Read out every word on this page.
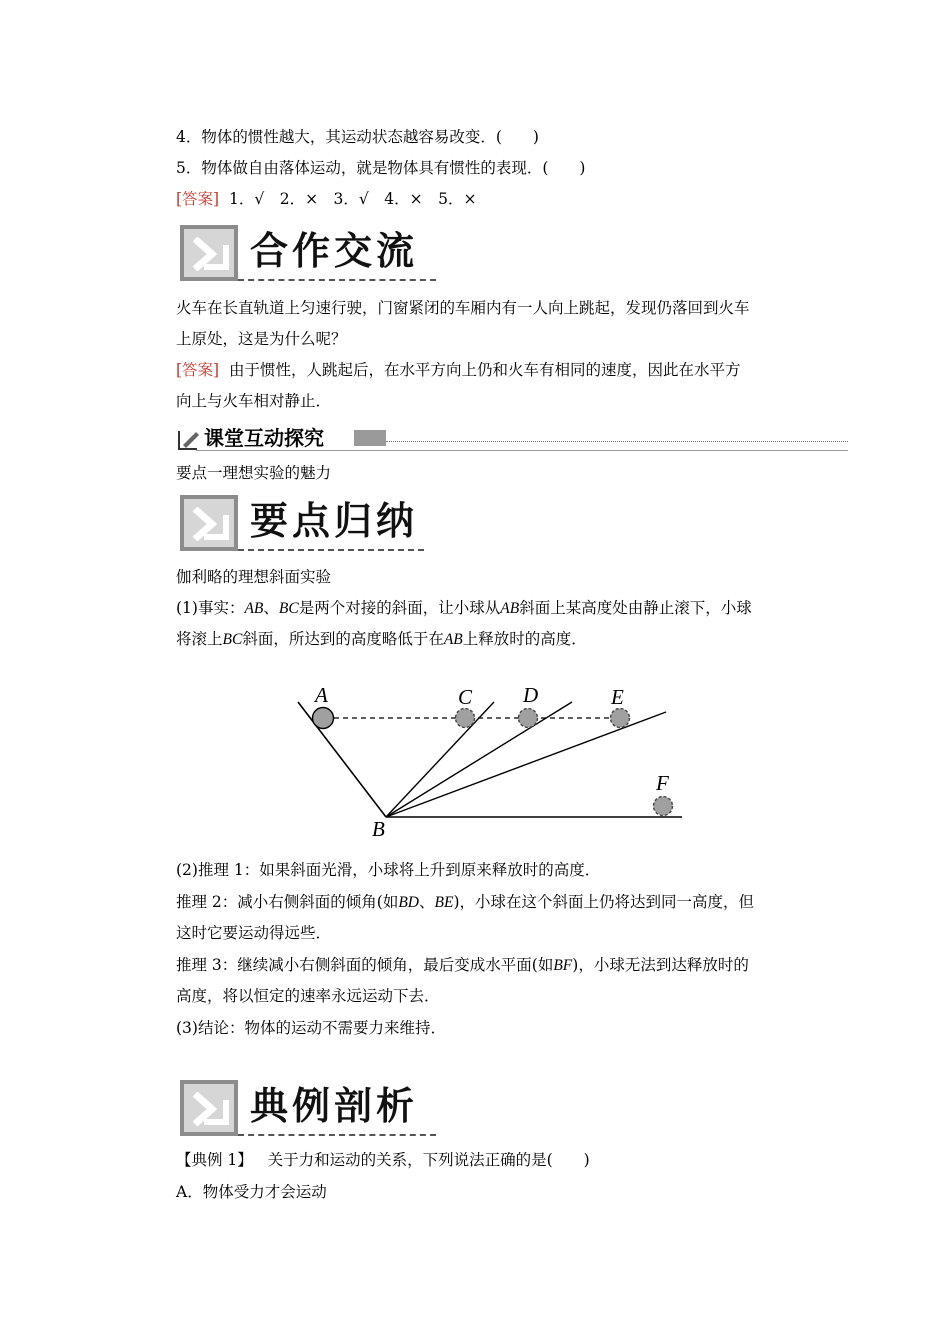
4．物体的惯性越大，其运动状态越容易改变．(　　)
5．物体做自由落体运动，就是物体具有惯性的表现．(　　)
[答案] 1．√　2．×　3．√　4．×　5．×
合作交流
火车在长直轨道上匀速行驶，门窗紧闭的车厢内有一人向上跳起，发现仍落回到火车
上原处，这是为什么呢？
[答案] 由于惯性，人跳起后，在水平方向上仍和火车有相同的速度，因此在水平方
向上与火车相对静止．
课堂互动探究
要点一理想实验的魅力
要点归纳
伽利略的理想斜面实验
(1)事实：AB、BC是两个对接的斜面，让小球从AB斜面上某高度处由静止滚下，小球
将滚上BC斜面，所达到的高度略低于在AB上释放时的高度．
A	C D	E
F
B
(2)推理 1：如果斜面光滑，小球将上升到原来释放时的高度．
推理 2：减小右侧斜面的倾角(如BD、BE)，小球在这个斜面上仍将达到同一高度，但
这时它要运动得远些．
推理 3：继续减小右侧斜面的倾角，最后变成水平面(如BF)，小球无法到达释放时的
高度，将以恒定的速率永远运动下去．
(3)结论：物体的运动不需要力来维持．
典例剖析
【典例 1】 关于力和运动的关系，下列说法正确的是(　　)
A．物体受力才会运动
